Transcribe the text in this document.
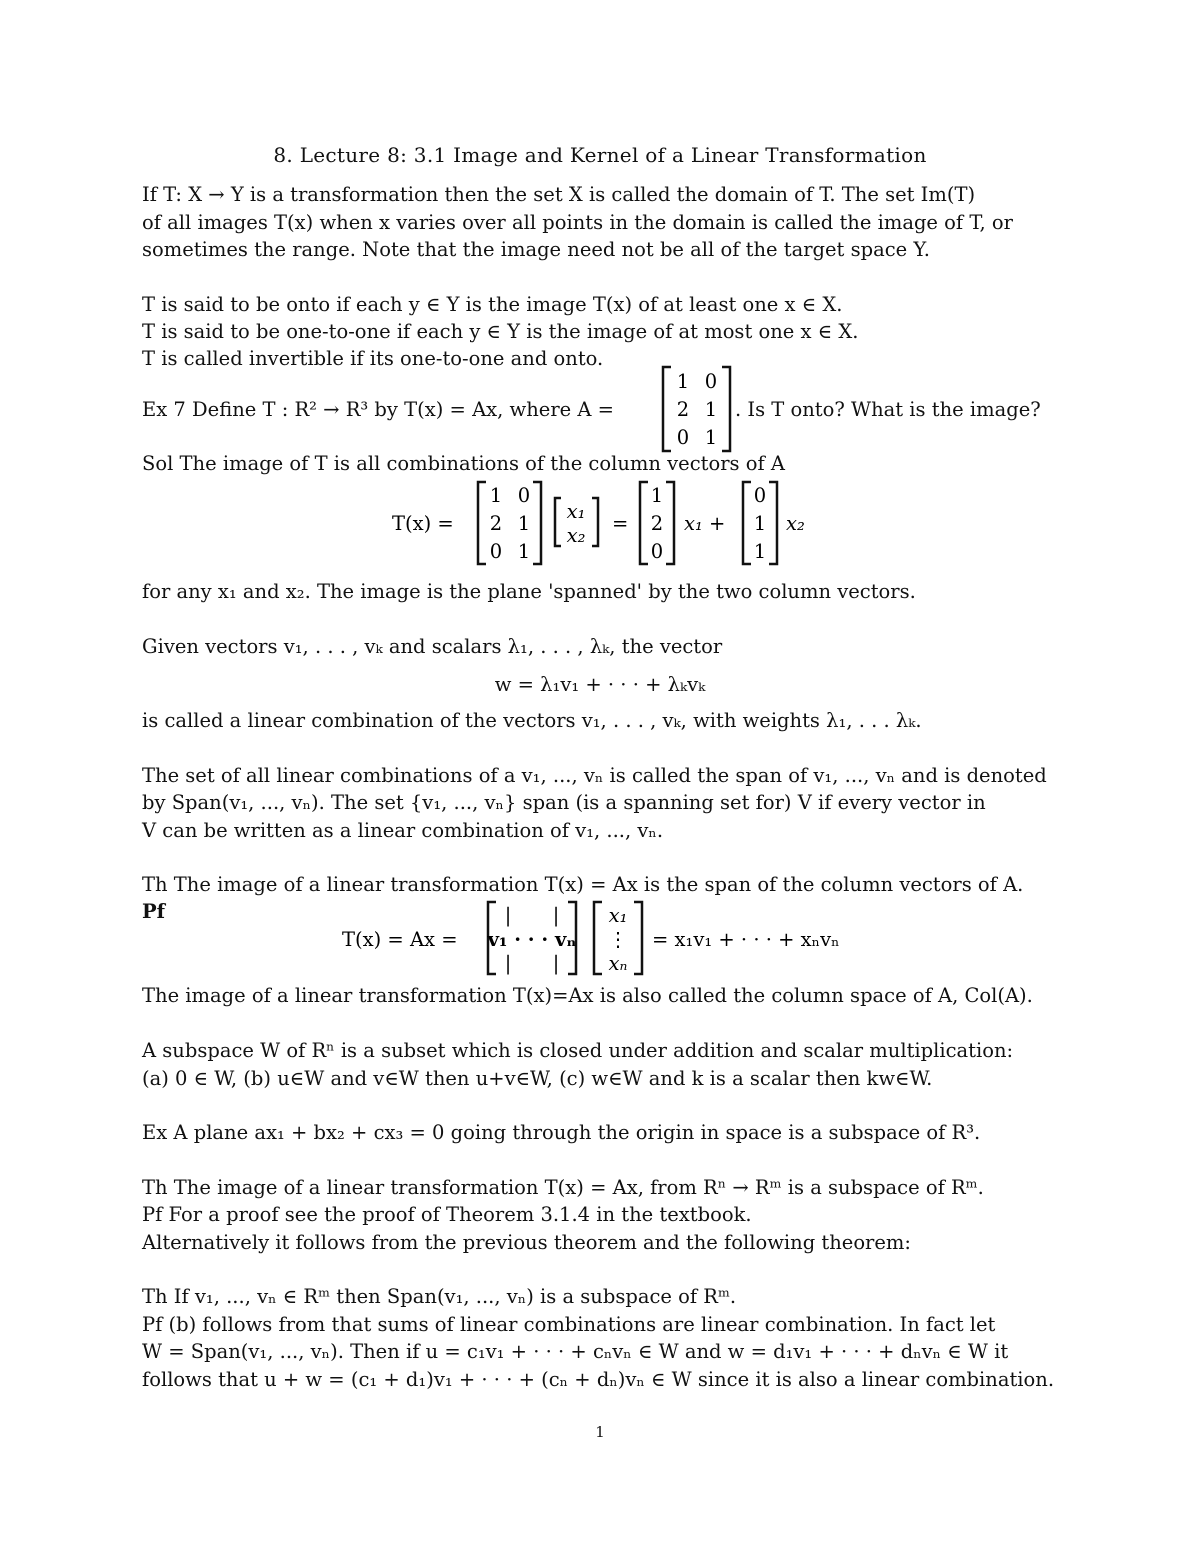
8. Lecture 8: 3.1 Image and Kernel of a Linear Transformation
If T: X → Y is a transformation then the set X is called the domain of T. The set Im(T)
of all images T(x) when x varies over all points in the domain is called the image of T, or
sometimes the range. Note that the image need not be all of the target space Y.
T is said to be onto if each y ∈ Y is the image T(x) of at least one x ∈ X.
T is said to be one-to-one if each y ∈ Y is the image of at most one x ∈ X.
T is called invertible if its one-to-one and onto.
Ex 7 Define T : R² → R³ by T(x) = Ax, where A =
1 0
2 1
0 1
. Is T onto? What is the image?
Sol The image of T is all combinations of the column vectors of A
T(x) =
1 0
2 1
0 1
x₁
x₂
=
1
2
0
x₁ +
0
1
1
x₂
for any x₁ and x₂. The image is the plane 'spanned' by the two column vectors.
Given vectors v₁, . . . , vₖ and scalars λ₁, . . . , λₖ, the vector
w = λ₁v₁ + · · · + λₖvₖ
is called a linear combination of the vectors v₁, . . . , vₖ, with weights λ₁, . . . λₖ.
The set of all linear combinations of a v₁, ..., vₙ is called the span of v₁, ..., vₙ and is denoted
by Span(v₁, ..., vₙ). The set {v₁, ..., vₙ} span (is a spanning set for) V if every vector in
V can be written as a linear combination of v₁, ..., vₙ.
Th The image of a linear transformation T(x) = Ax is the span of the column vectors of A.
Pf
T(x) = Ax =
| |
v₁ · · · vₙ
| |
x₁
⋮
xₙ
= x₁v₁ + · · · + xₙvₙ
The image of a linear transformation T(x)=Ax is also called the column space of A, Col(A).
A subspace W of Rⁿ is a subset which is closed under addition and scalar multiplication:
(a) 0 ∈ W, (b) u∈W and v∈W then u+v∈W, (c) w∈W and k is a scalar then kw∈W.
Ex A plane ax₁ + bx₂ + cx₃ = 0 going through the origin in space is a subspace of R³.
Th The image of a linear transformation T(x) = Ax, from Rⁿ → Rᵐ is a subspace of Rᵐ.
Pf For a proof see the proof of Theorem 3.1.4 in the textbook.
Alternatively it follows from the previous theorem and the following theorem:
Th If v₁, ..., vₙ ∈ Rᵐ then Span(v₁, ..., vₙ) is a subspace of Rᵐ.
Pf (b) follows from that sums of linear combinations are linear combination. In fact let
W = Span(v₁, ..., vₙ). Then if u = c₁v₁ + · · · + cₙvₙ ∈ W and w = d₁v₁ + · · · + dₙvₙ ∈ W it
follows that u + w = (c₁ + d₁)v₁ + · · · + (cₙ + dₙ)vₙ ∈ W since it is also a linear combination.
1
